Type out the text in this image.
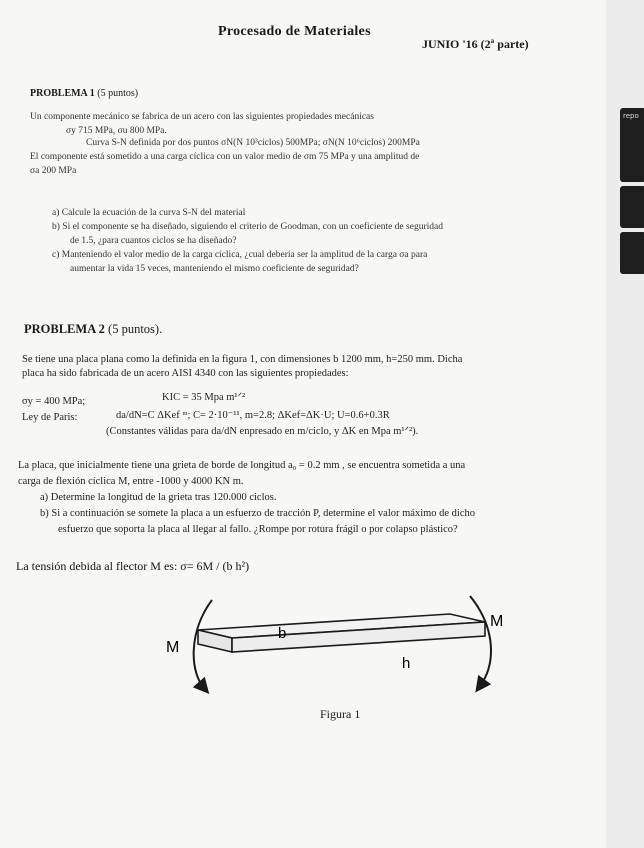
repo
Procesado de Materiales
JUNIO '16 (2ª parte)
PROBLEMA 1 (5 puntos)
Un componente mecánico se fabrica de un acero con las siguientes propiedades mecánicas
σy 715 MPa, σu 800 MPa.
Curva S-N definida por dos puntos σN(N 10³ciclos) 500MPa; σN(N 10⁶ciclos) 200MPa
El componente está sometido a una carga cíclica con un valor medio de σm 75 MPa y una amplitud de
σa 200 MPa
a) Calcule la ecuación de la curva S-N del material
b) Si el componente se ha diseñado, siguiendo el criterio de Goodman, con un coeficiente de seguridad
de 1.5, ¿para cuantos ciclos se ha diseñado?
c) Manteniendo el valor medio de la carga cíclica, ¿cual debería ser la amplitud de la carga σa para
aumentar la vida 15 veces, manteniendo el mismo coeficiente de seguridad?
PROBLEMA 2 (5 puntos).
Se tiene una placa plana como la definida en la figura 1, con dimensiones b 1200 mm, h=250 mm. Dicha
placa ha sido fabricada de un acero AISI 4340 con las siguientes propiedades:
σy = 400 MPa;	KIC = 35 Mpa m¹ᐟ²
Ley de Paris:	da/dN=C ΔKef ᵐ; C= 2·10⁻¹¹, m=2.8; ΔKef=ΔK·U; U=0.6+0.3R
(Constantes válidas para da/dN enpresado en m/ciclo, y ΔK en Mpa m¹ᐟ²).
La placa, que inicialmente tiene una grieta de borde de longitud a₀ = 0.2 mm , se encuentra sometida a una
carga de flexión cíclica M, entre -1000 y 4000 KN m.
a) Determine la longitud de la grieta tras 120.000 ciclos.
b) Si a continuación se somete la placa a un esfuerzo de tracción P, determine el valor máximo de dicho
esfuerzo que soporta la placa al llegar al fallo. ¿Rompe por rotura frágil o por colapso plástico?
La tensión debida al flector M es: σ= 6M / (b h²)
M
M
b
h
Figura 1
